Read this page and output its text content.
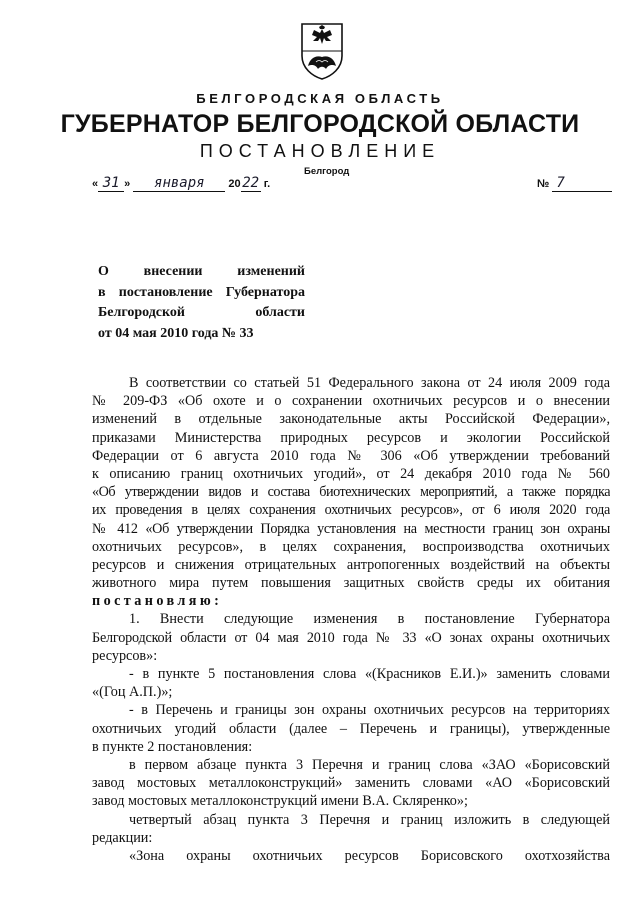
БЕЛГОРОДСКАЯ ОБЛАСТЬ
ГУБЕРНАТОР БЕЛГОРОДСКОЙ ОБЛАСТИ
ПОСТАНОВЛЕНИЕ
Белгород
« 31 » января 20 22 г.	№ 7
О внесении изменений
в постановление Губернатора
Белгородской области
от 04 мая 2010 года № 33
В соответствии со статьей 51 Федерального закона от 24 июля 2009 года
№ 209-ФЗ «Об охоте и о сохранении охотничьих ресурсов и о внесении
изменений в отдельные законодательные акты Российской Федерации»,
приказами Министерства природных ресурсов и экологии Российской
Федерации от 6 августа 2010 года № 306 «Об утверждении требований
к описанию границ охотничьих угодий», от 24 декабря 2010 года № 560
«Об утверждении видов и состава биотехнических мероприятий, а также порядка
их проведения в целях сохранения охотничьих ресурсов», от 6 июля 2020 года
№ 412 «Об утверждении Порядка установления на местности границ зон охраны
охотничьих ресурсов», в целях сохранения, воспроизводства охотничьих
ресурсов и снижения отрицательных антропогенных воздействий на объекты
животного мира путем повышения защитных свойств среды их обитания
постановляю:
1. Внести следующие изменения в постановление Губернатора
Белгородской области от 04 мая 2010 года № 33 «О зонах охраны охотничьих
ресурсов»:
- в пункте 5 постановления слова «(Красников Е.И.)» заменить словами
«(Гоц А.П.)»;
- в Перечень и границы зон охраны охотничьих ресурсов на территориях
охотничьих угодий области (далее – Перечень и границы), утвержденные
в пункте 2 постановления:
в первом абзаце пункта 3 Перечня и границ слова «ЗАО «Борисовский
завод мостовых металлоконструкций» заменить словами «АО «Борисовский
завод мостовых металлоконструкций имени В.А. Скляренко»;
четвертый абзац пункта 3 Перечня и границ изложить в следующей
редакции:
«Зона охраны охотничьих ресурсов Борисовского охотхозяйства
